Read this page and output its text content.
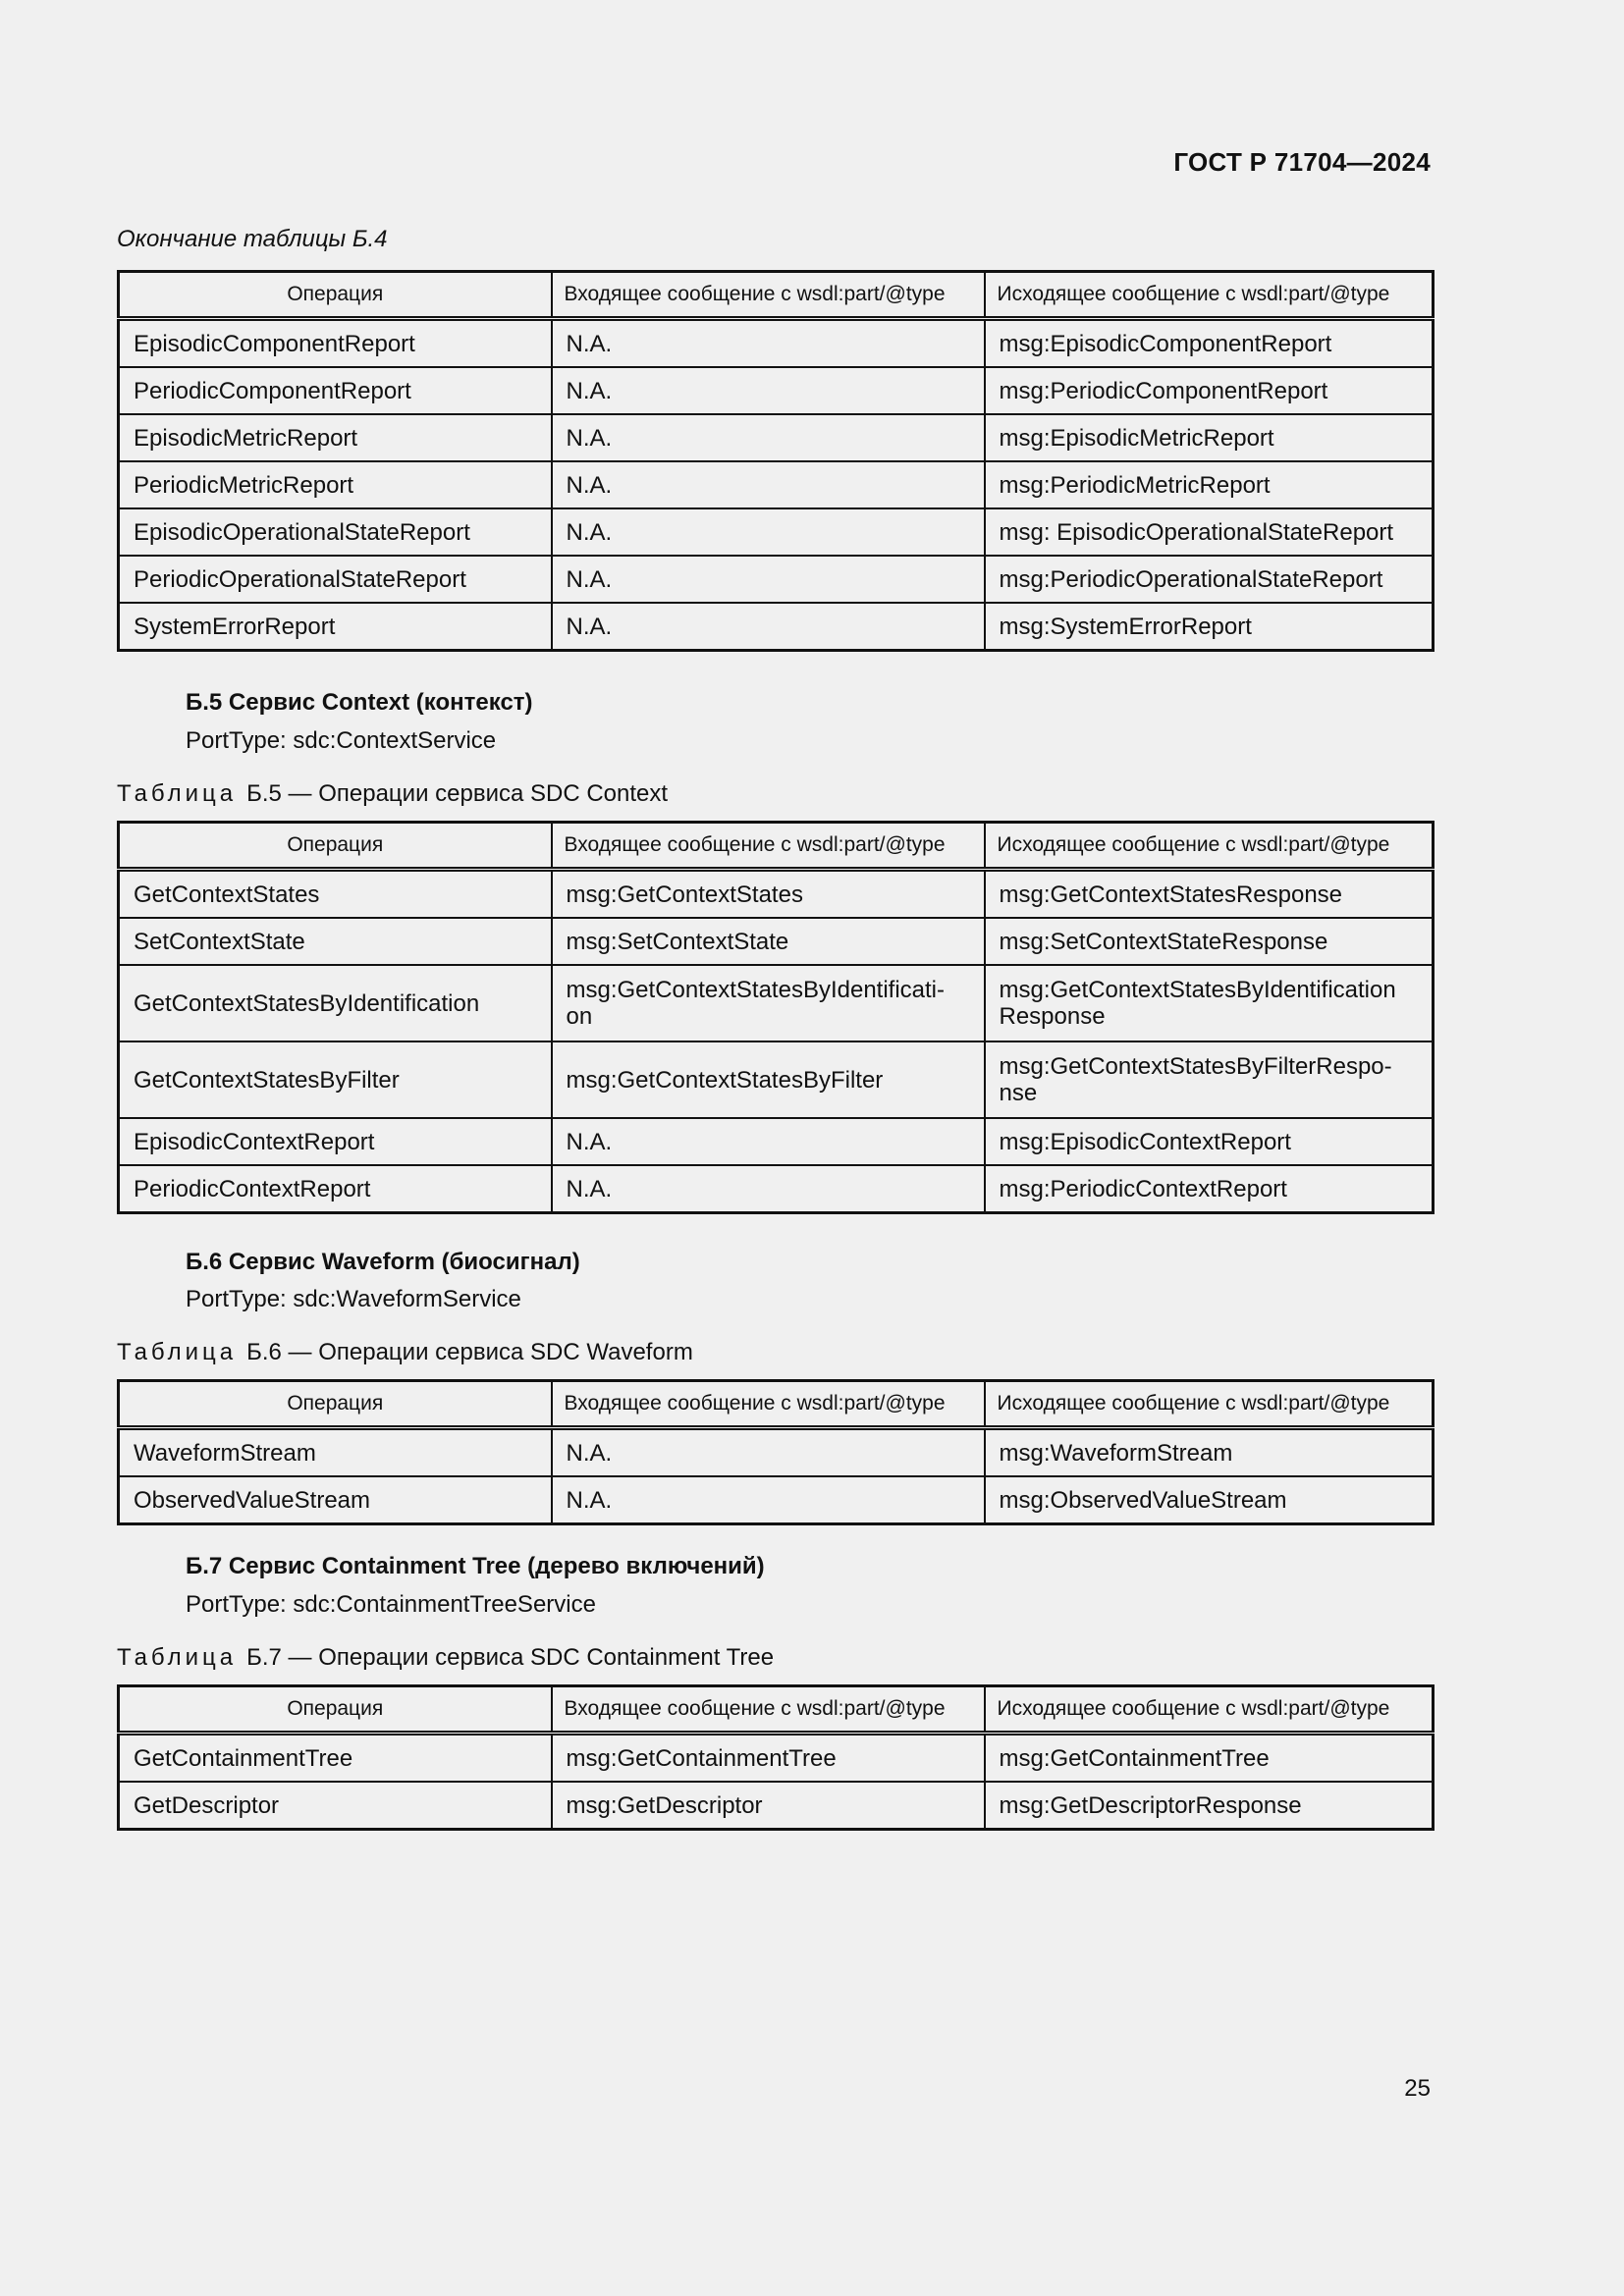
ГОСТ Р 71704—2024
Окончание таблицы Б.4
Операция	Входящее сообщение с wsdl:part/@type	Исходящее сообщение с wsdl:part/@type
EpisodicComponentReport	N.A.	msg:EpisodicComponentReport
PeriodicComponentReport	N.A.	msg:PeriodicComponentReport
EpisodicMetricReport	N.A.	msg:EpisodicMetricReport
PeriodicMetricReport	N.A.	msg:PeriodicMetricReport
EpisodicOperationalStateReport	N.A.	msg: EpisodicOperationalStateReport
PeriodicOperationalStateReport	N.A.	msg:PeriodicOperationalStateReport
SystemErrorReport	N.A.	msg:SystemErrorReport
Б.5 Сервис Context (контекст)
PortType: sdc:ContextService
Таблица Б.5 — Операции сервиса SDC Context
Операция	Входящее сообщение с wsdl:part/@type	Исходящее сообщение с wsdl:part/@type
GetContextStates	msg:GetContextStates	msg:GetContextStatesResponse
SetContextState	msg:SetContextState	msg:SetContextStateResponse
GetContextStatesByIdentification	msg:GetContextStatesByIdentificati-on	msg:GetContextStatesByIdentification Response
GetContextStatesByFilter	msg:GetContextStatesByFilter	msg:GetContextStatesByFilterRespo-nse
EpisodicContextReport	N.A.	msg:EpisodicContextReport
PeriodicContextReport	N.A.	msg:PeriodicContextReport
Б.6 Сервис Waveform (биосигнал)
PortType: sdc:WaveformService
Таблица Б.6 — Операции сервиса SDC Waveform
Операция	Входящее сообщение с wsdl:part/@type	Исходящее сообщение с wsdl:part/@type
WaveformStream	N.A.	msg:WaveformStream
ObservedValueStream	N.A.	msg:ObservedValueStream
Б.7 Сервис Containment Tree (дерево включений)
PortType: sdc:ContainmentTreeService
Таблица Б.7 — Операции сервиса SDC Containment Tree
Операция	Входящее сообщение с wsdl:part/@type	Исходящее сообщение с wsdl:part/@type
GetContainmentTree	msg:GetContainmentTree	msg:GetContainmentTree
GetDescriptor	msg:GetDescriptor	msg:GetDescriptorResponse
25
